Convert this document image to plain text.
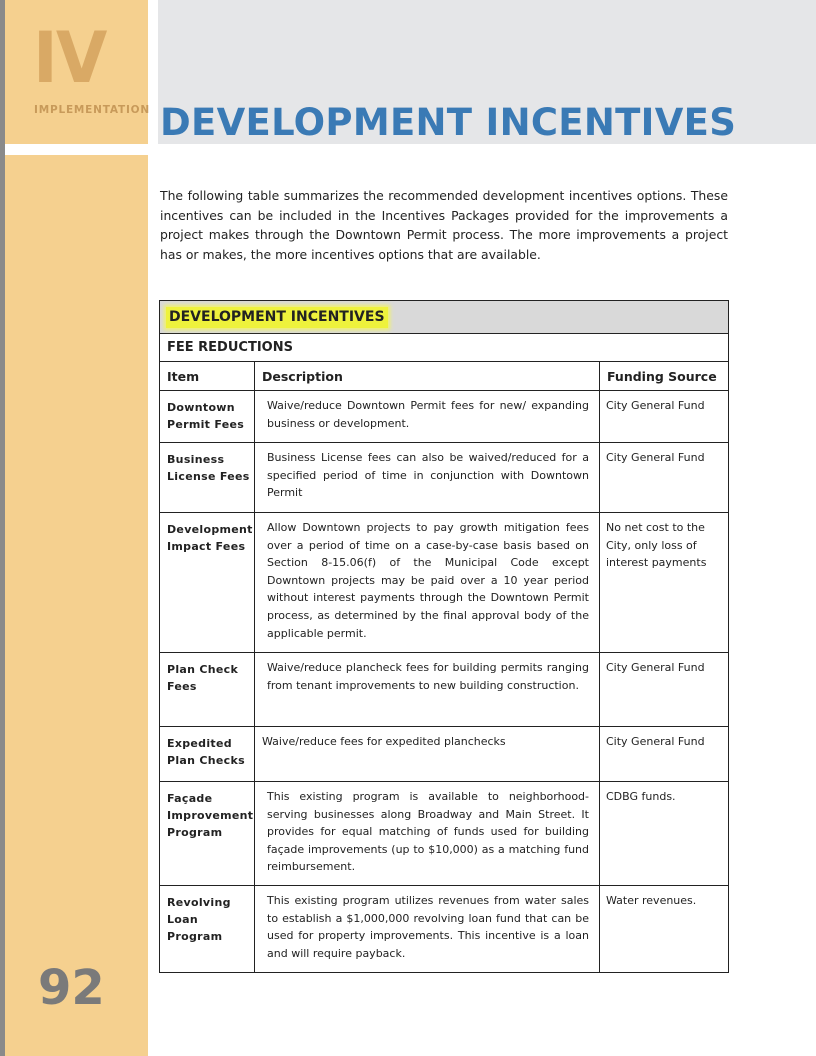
IV
IMPLEMENTATION DEVELOPMENT INCENTIVES

The following table summarizes the recommended development incentives options. These incentives can be included in the Incentives Packages provided for the improvements a project makes through the Downtown Permit process. The more improvements a project has or makes, the more incentives options that are available.

DEVELOPMENT INCENTIVES		

FEE REDUCTIONS		

Item	Description	Funding Source

Downtown Permit Fees	Waive/reduce Downtown Permit fees for new/ expanding business or development.	City General Fund

Business License Fees	Business License fees can also be waived/reduced for a specified period of time in conjunction with Downtown Permit	City General Fund

Development Impact Fees	Allow Downtown projects to pay growth mitigation fees over a period of time on a case-by-case basis based on Section 8-15.06(f) of the Municipal Code except Downtown projects may be paid over a 10 year period without interest payments through the Downtown Permit process, as determined by the final approval body of the applicable permit.	No net cost to the City, only loss of interest payments

Plan Check Fees	Waive/reduce plancheck fees for building permits ranging from tenant improvements to new building construction.	City General Fund

Expedited Plan Checks	Waive/reduce fees for expedited planchecks	City General Fund

Façade Improvement Program	This existing program is available to neighborhood-serving businesses along Broadway and Main Street. It provides for equal matching of funds used for building façade improvements (up to $10,000) as a matching fund reimbursement.	CDBG funds.

Revolving Loan Program	This existing program utilizes revenues from water sales to establish a $1,000,000 revolving loan fund that can be used for property improvements. This incentive is a loan and will require payback.	Water revenues.
92
